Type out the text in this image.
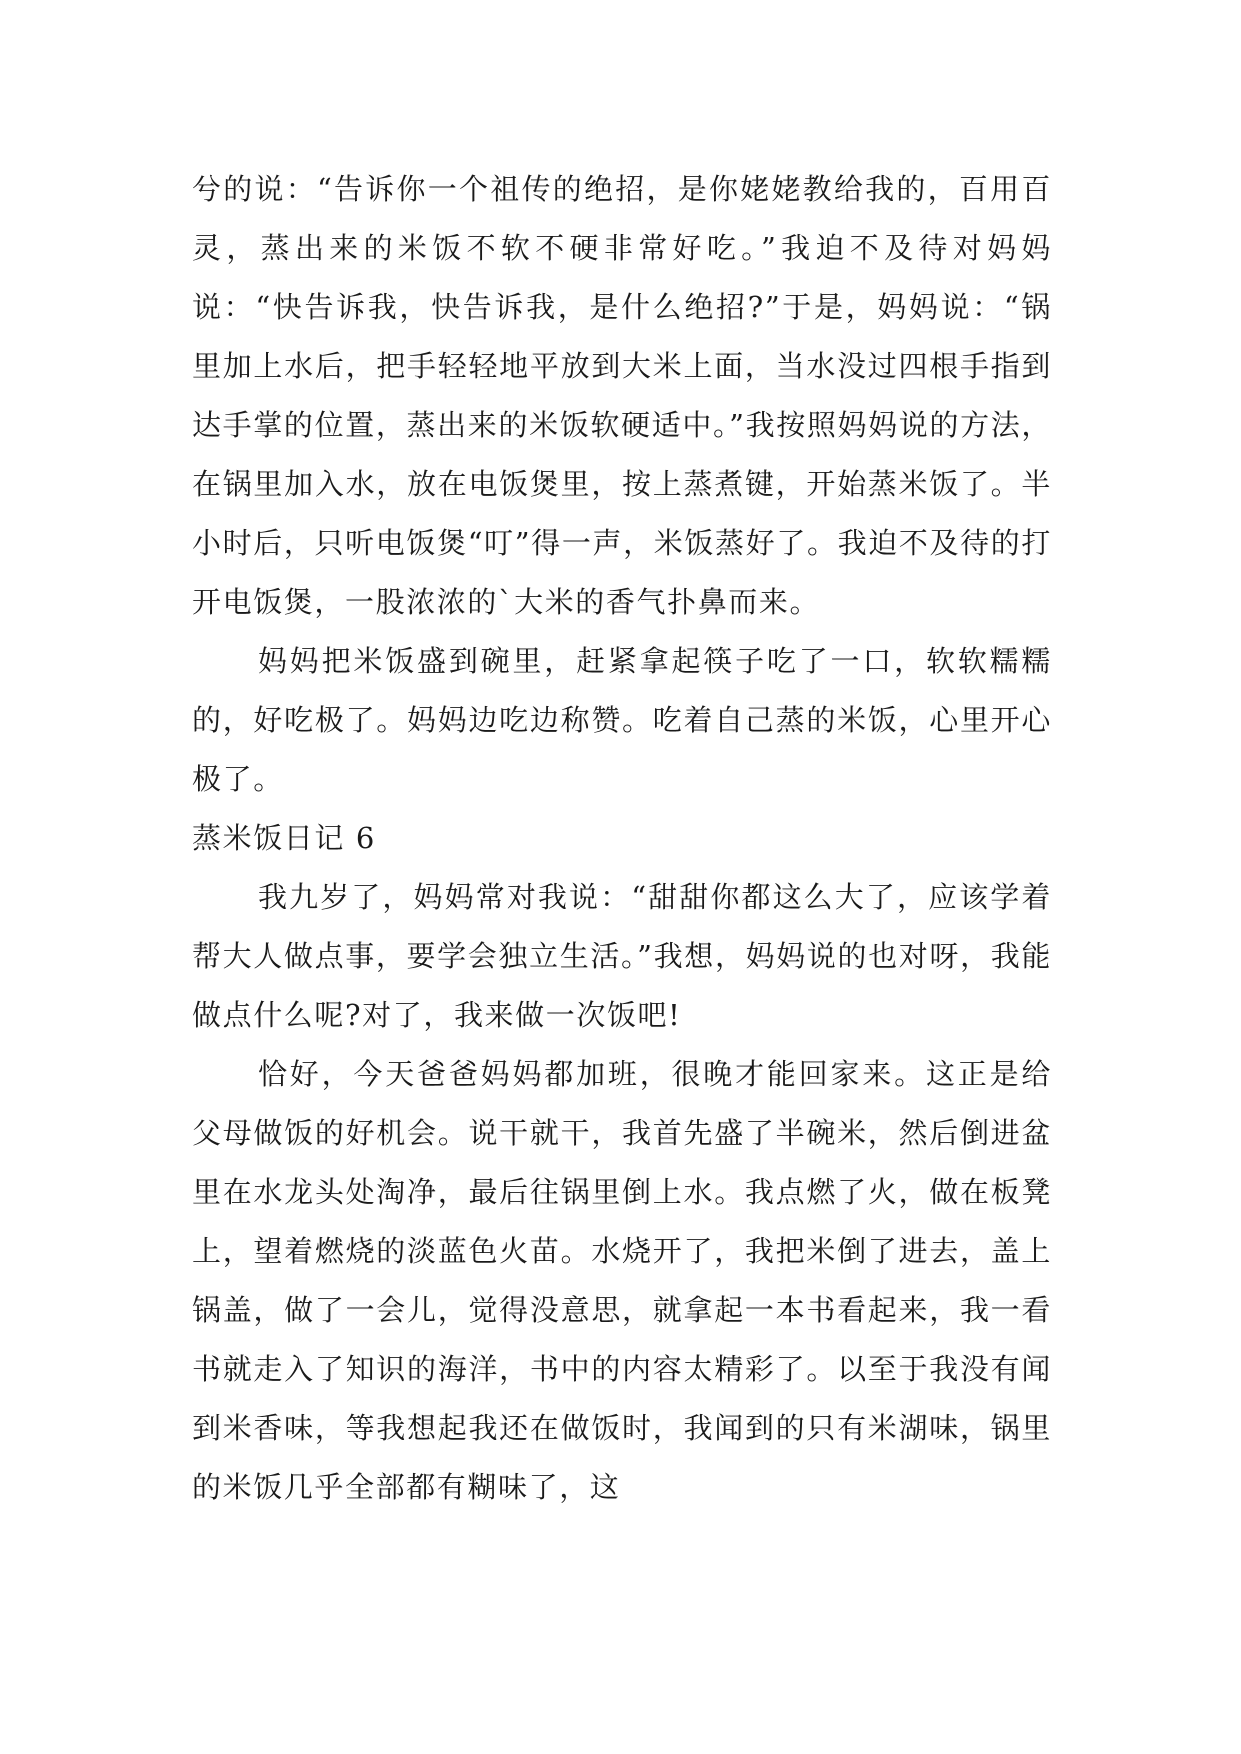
兮的说：“告诉你一个祖传的绝招，是你姥姥教给我的，百用百灵，蒸出来的米饭不软不硬非常好吃。”我迫不及待对妈妈说：“快告诉我，快告诉我，是什么绝招?”于是，妈妈说：“锅里加上水后，把手轻轻地平放到大米上面，当水没过四根手指到达手掌的位置，蒸出来的米饭软硬适中。”我按照妈妈说的方法，在锅里加入水，放在电饭煲里，按上蒸煮键，开始蒸米饭了。半小时后，只听电饭煲“叮”得一声，米饭蒸好了。我迫不及待的打开电饭煲，一股浓浓的`大米的香气扑鼻而来。

妈妈把米饭盛到碗里，赶紧拿起筷子吃了一口，软软糯糯的，好吃极了。妈妈边吃边称赞。吃着自己蒸的米饭，心里开心极了。

蒸米饭日记 6

我九岁了，妈妈常对我说：“甜甜你都这么大了，应该学着帮大人做点事，要学会独立生活。”我想，妈妈说的也对呀，我能做点什么呢?对了，我来做一次饭吧!

恰好，今天爸爸妈妈都加班，很晚才能回家来。这正是给父母做饭的好机会。说干就干，我首先盛了半碗米，然后倒进盆里在水龙头处淘净，最后往锅里倒上水。我点燃了火，做在板凳上，望着燃烧的淡蓝色火苗。水烧开了，我把米倒了进去，盖上锅盖，做了一会儿，觉得没意思，就拿起一本书看起来，我一看书就走入了知识的海洋，书中的内容太精彩了。以至于我没有闻到米香味，等我想起我还在做饭时，我闻到的只有米湖味，锅里的米饭几乎全部都有糊味了，这
